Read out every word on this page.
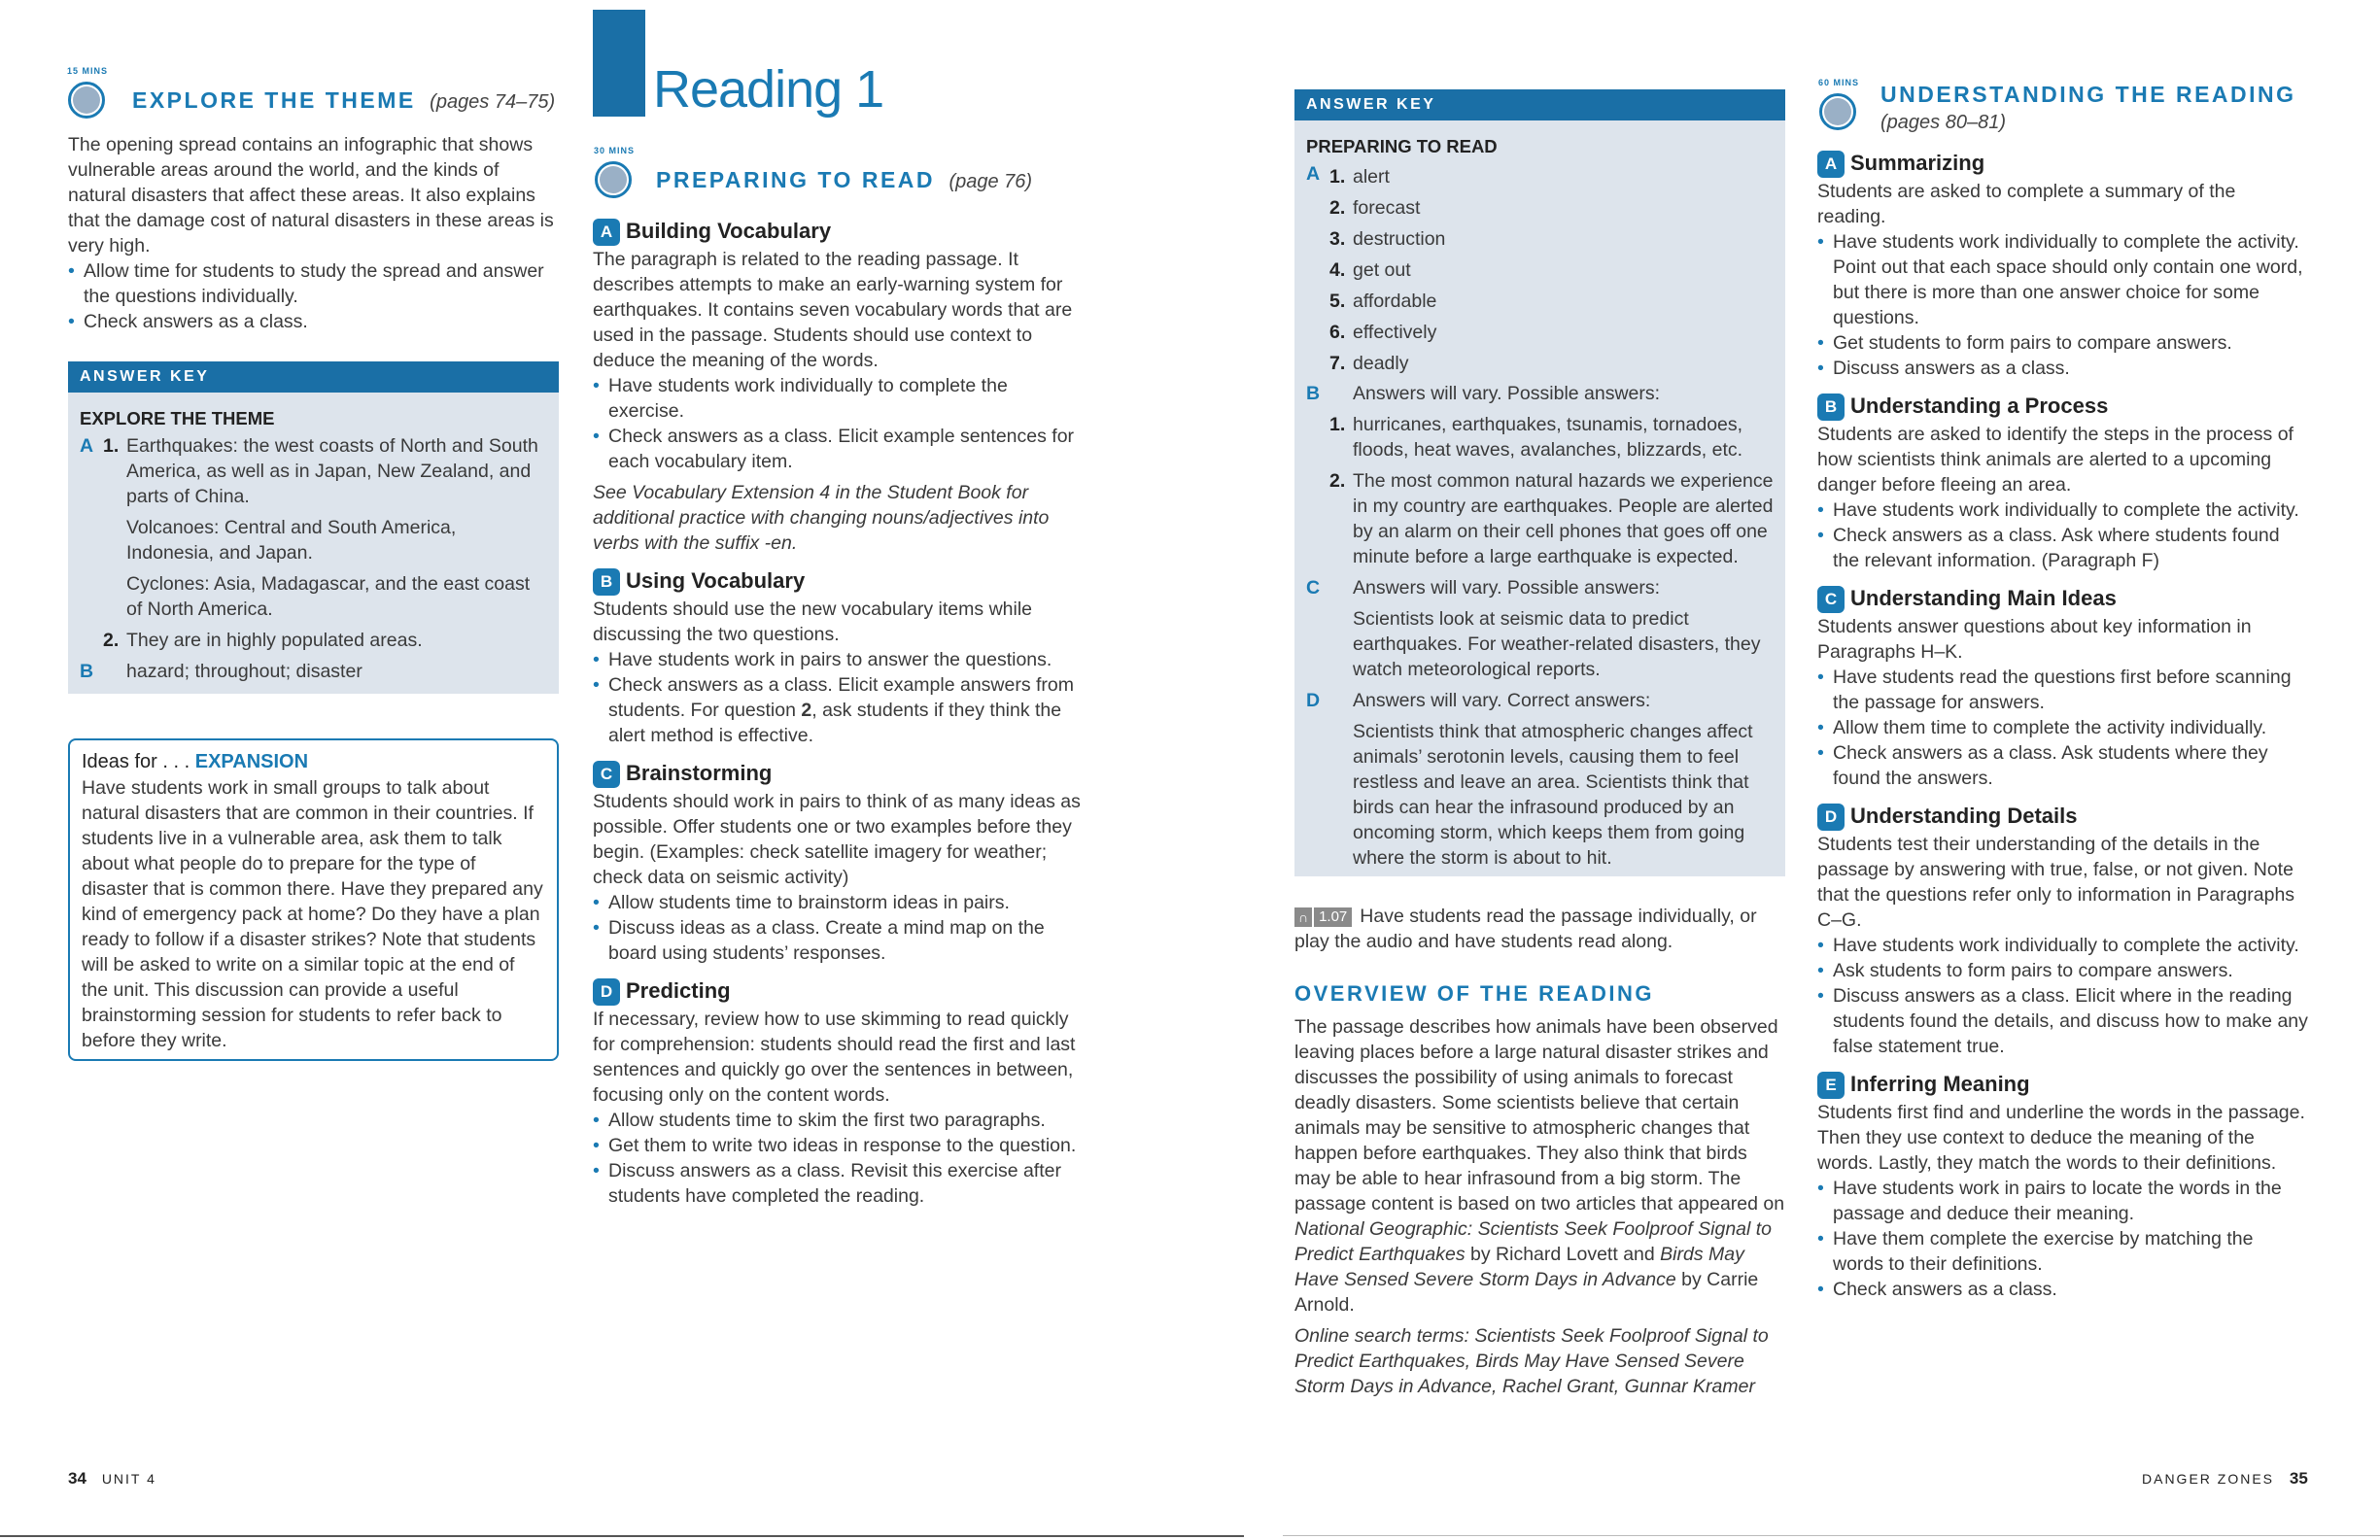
15 MINS
EXPLORE THE THEME (pages 74–75)

The opening spread contains an infographic that shows vulnerable areas around the world, and the kinds of natural disasters that affect these areas. It also explains that the damage cost of natural disasters in these areas is very high.

• Allow time for students to study the spread and answer the questions individually.
• Check answers as a class.
ANSWER KEY
EXPLORE THE THEME
A 1. Earthquakes: the west coasts of North and South America, as well as in Japan, New Zealand, and parts of China.
Volcanoes: Central and South America, Indonesia, and Japan.
Cyclones: Asia, Madagascar, and the east coast of North America.
2. They are in highly populated areas.
B hazard; throughout; disaster
Ideas for . . . EXPANSION

Have students work in small groups to talk about natural disasters that are common in their countries. If students live in a vulnerable area, ask them to talk about what people do to prepare for the type of disaster that is common there. Have they prepared any kind of emergency pack at home? Do they have a plan ready to follow if a disaster strikes? Note that students will be asked to write on a similar topic at the end of the unit. This discussion can provide a useful brainstorming session for students to refer back to before they write.

34 UNIT 4
Reading 1
30 MINS
PREPARING TO READ (page 76)
A Building Vocabulary

The paragraph is related to the reading passage. It describes attempts to make an early-warning system for earthquakes. It contains seven vocabulary words that are used in the passage. Students should use context to deduce the meaning of the words.

• Have students work individually to complete the exercise.
• Check answers as a class. Elicit example sentences for each vocabulary item.

See Vocabulary Extension 4 in the Student Book for additional practice with changing nouns/adjectives into verbs with the suffix -en.

B Using Vocabulary

Students should use the new vocabulary items while discussing the two questions.

• Have students work in pairs to answer the questions.
• Check answers as a class. Elicit example answers from students. For question 2, ask students if they think the alert method is effective.
C Brainstorming

Students should work in pairs to think of as many ideas as possible. Offer students one or two examples before they begin. (Examples: check satellite imagery for weather; check data on seismic activity)

• Allow students time to brainstorm ideas in pairs.
• Discuss ideas as a class. Create a mind map on the board using students’ responses.
D Predicting

If necessary, review how to use skimming to read quickly for comprehension: students should read the first and last sentences and quickly go over the sentences in between, focusing only on the content words.

• Allow students time to skim the first two paragraphs.
• Get them to write two ideas in response to the question.
• Discuss answers as a class. Revisit this exercise after students have completed the reading.
ANSWER KEY
PREPARING TO READ
A 1. alert
2. forecast
3. destruction
4. get out
5. affordable
6. effectively
7. deadly
B Answers will vary. Possible answers:
1. hurricanes, earthquakes, tsunamis, tornadoes, floods, heat waves, avalanches, blizzards, etc.
2. The most common natural hazards we experience in my country are earthquakes. People are alerted by an alarm on their cell phones that goes off one minute before a large earthquake is expected.
C Answers will vary. Possible answers:
Scientists look at seismic data to predict earthquakes. For weather-related disasters, they watch meteorological reports.
D Answers will vary. Correct answers:
Scientists think that atmospheric changes affect animals’ serotonin levels, causing them to feel restless and leave an area. Scientists think that birds can hear the infrasound produced by an oncoming storm, which keeps them from going where the storm is about to hit.

∩ 1.07 Have students read the passage individually, or play the audio and have students read along.

OVERVIEW OF THE READING

The passage describes how animals have been observed leaving places before a large natural disaster strikes and discusses the possibility of using animals to forecast deadly disasters. Some scientists believe that certain animals may be sensitive to atmospheric changes that happen before earthquakes. They also think that birds may be able to hear infrasound from a big storm. The passage content is based on two articles that appeared on National Geographic: Scientists Seek Foolproof Signal to Predict Earthquakes by Richard Lovett and Birds May Have Sensed Severe Storm Days in Advance by Carrie Arnold.

Online search terms: Scientists Seek Foolproof Signal to Predict Earthquakes, Birds May Have Sensed Severe Storm Days in Advance, Rachel Grant, Gunnar Kramer

60 MINS UNDERSTANDING THE READING
(pages 80–81)
A Summarizing

Students are asked to complete a summary of the reading.

• Have students work individually to complete the activity. Point out that each space should only contain one word, but there is more than one answer choice for some questions.
• Get students to form pairs to compare answers.
• Discuss answers as a class.
B Understanding a Process

Students are asked to identify the steps in the process of how scientists think animals are alerted to a upcoming danger before fleeing an area.

• Have students work individually to complete the activity.
• Check answers as a class. Ask where students found the relevant information. (Paragraph F)
C Understanding Main Ideas

Students answer questions about key information in Paragraphs H–K.

• Have students read the questions first before scanning the passage for answers.
• Allow them time to complete the activity individually.
• Check answers as a class. Ask students where they found the answers.
D Understanding Details

Students test their understanding of the details in the passage by answering with true, false, or not given. Note that the questions refer only to information in Paragraphs C–G.

• Have students work individually to complete the activity.
• Ask students to form pairs to compare answers.
• Discuss answers as a class. Elicit where in the reading students found the details, and discuss how to make any false statement true.
E Inferring Meaning

Students first find and underline the words in the passage. Then they use context to deduce the meaning of the words. Lastly, they match the words to their definitions.

• Have students work in pairs to locate the words in the passage and deduce their meaning.
• Have them complete the exercise by matching the words to their definitions.
• Check answers as a class.
DANGER ZONES 35
